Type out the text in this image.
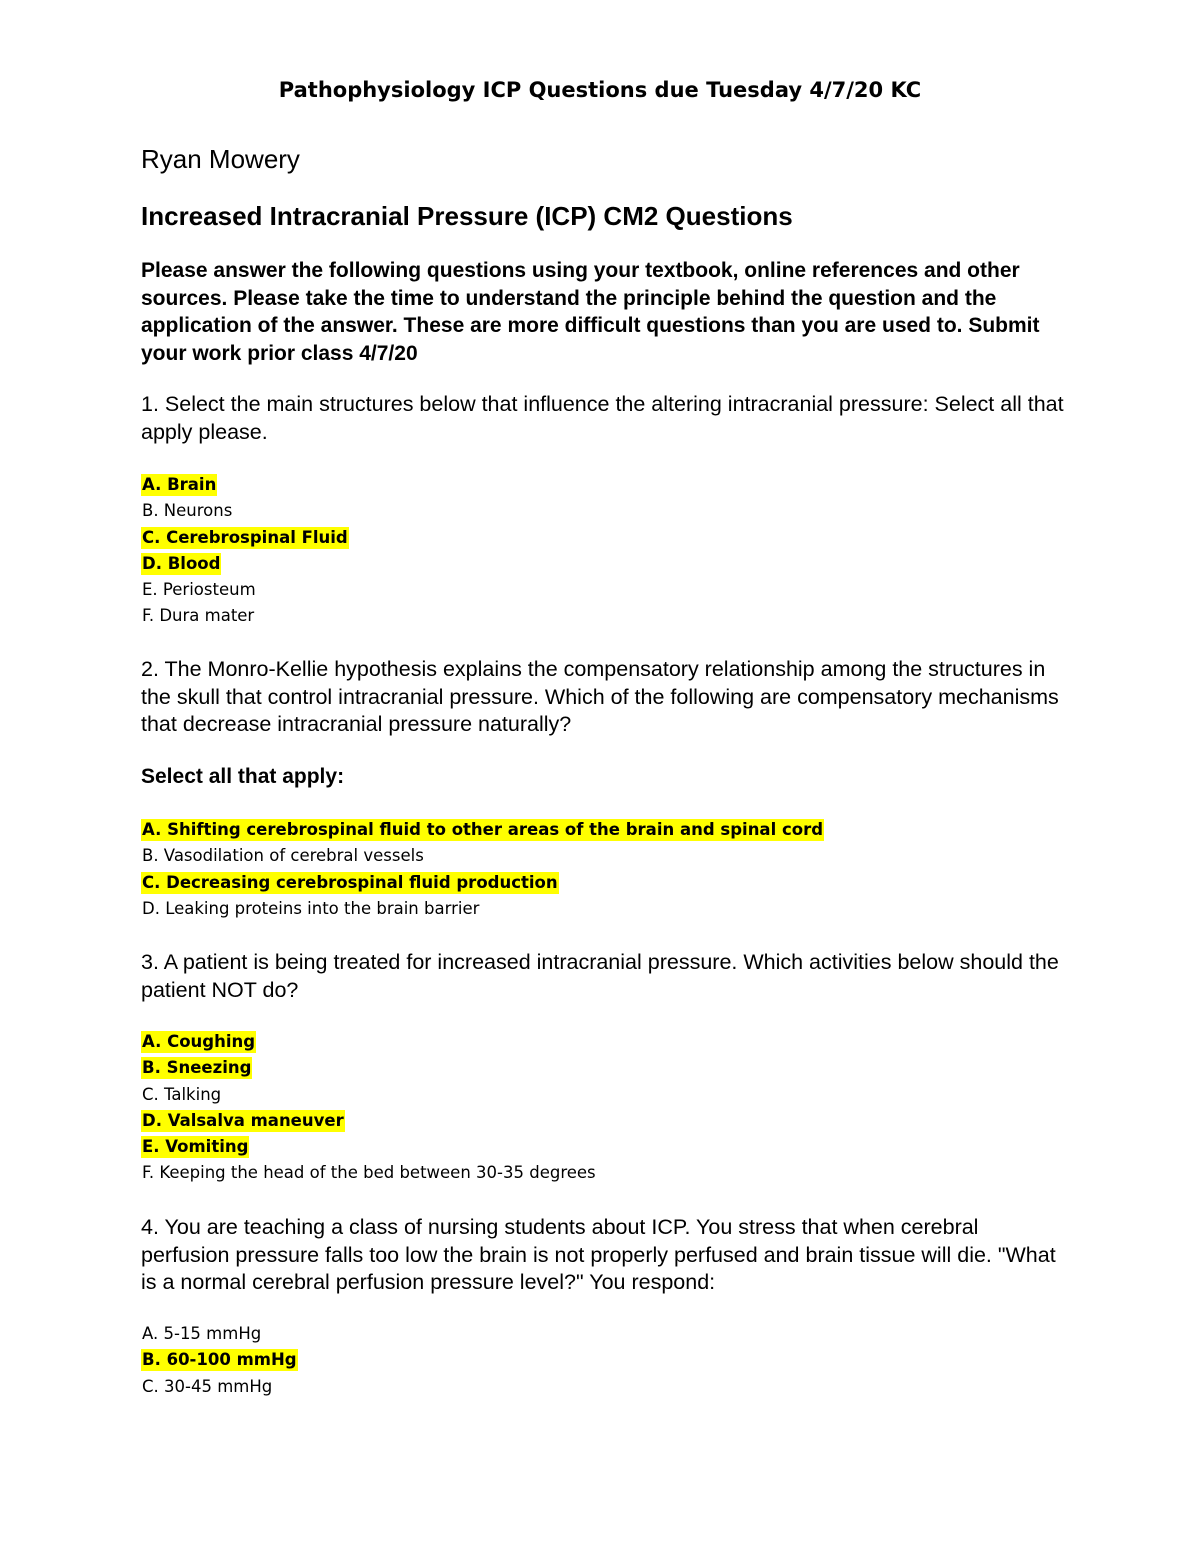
Pathophysiology ICP Questions due Tuesday 4/7/20 KC
Ryan Mowery
Increased Intracranial Pressure (ICP) CM2 Questions
Please answer the following questions using your textbook, online references and other sources. Please take the time to understand the principle behind the question and the application of the answer. These are more difficult questions than you are used to. Submit your work prior class 4/7/20
1. Select the main structures below that influence the altering intracranial pressure: Select all that apply please.
A. Brain
B. Neurons
C. Cerebrospinal Fluid
D. Blood
E. Periosteum
F. Dura mater
2. The Monro-Kellie hypothesis explains the compensatory relationship among the structures in the skull that control intracranial pressure. Which of the following are compensatory mechanisms that decrease intracranial pressure naturally?
Select all that apply:
A. Shifting cerebrospinal fluid to other areas of the brain and spinal cord
B. Vasodilation of cerebral vessels
C. Decreasing cerebrospinal fluid production
D. Leaking proteins into the brain barrier
3. A patient is being treated for increased intracranial pressure. Which activities below should the patient NOT do?
A. Coughing
B. Sneezing
C. Talking
D. Valsalva maneuver
E. Vomiting
F. Keeping the head of the bed between 30-35 degrees
4. You are teaching a class of nursing students about ICP. You stress that when cerebral perfusion pressure falls too low the brain is not properly perfused and brain tissue will die. "What is a normal cerebral perfusion pressure level?" You respond:
A. 5-15 mmHg
B. 60-100 mmHg
C. 30-45 mmHg
